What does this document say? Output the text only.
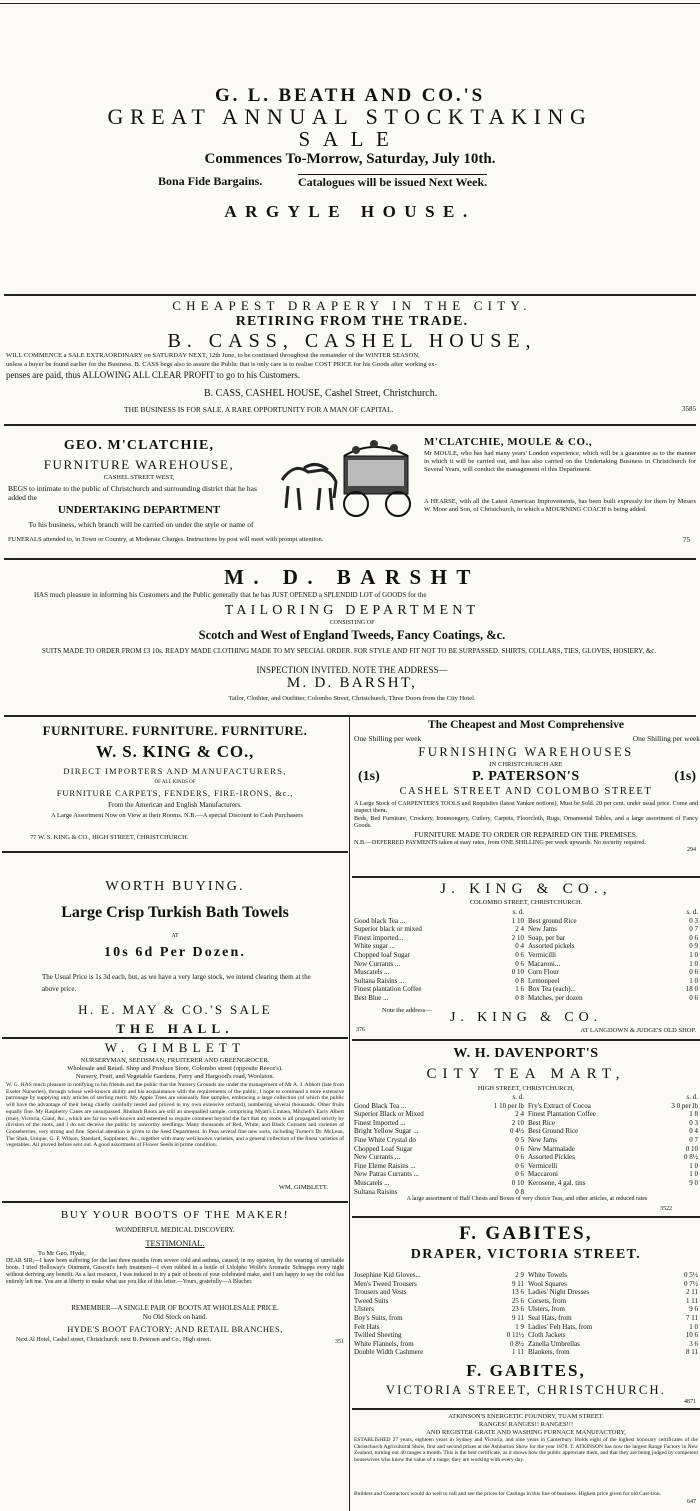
G. L. BEATH AND CO.'S
GREAT ANNUAL STOCKTAKING
SALE
Commences To-Morrow, Saturday, July 10th.
Bona Fide Bargains.	Catalogues will be issued Next Week.
ARGYLE HOUSE.
CHEAPEST DRAPERY IN THE CITY.
RETIRING FROM THE TRADE.
B. CASS, CASHEL HOUSE,
WILL COMMENCE a SALE EXTRAORDINARY on SATURDAY NEXT, 12th June, to be continued throughout the remainder of the WINTER SEASON,
unless a buyer be found earlier for the Business. B. CASS begs also to assure the Public that is only care is to realise COST PRICE for his Goods after working ex-
penses are paid, thus ALLOWING ALL CLEAR PROFIT to go to his Customers.
B. CASS, CASHEL HOUSE, Cashel Street, Christchurch.
THE BUSINESS IS FOR SALE. A RARE OPPORTUNITY FOR A MAN OF CAPITAL.	3585
GEO. M'CLATCHIE,
FURNITURE WAREHOUSE,
CASHEL STREET WEST,
BEGS to intimate to the public of Christchurch and surrounding district that he has added the
UNDERTAKING DEPARTMENT
To his business, which branch will be carried on under the style or name of
M'CLATCHIE, MOULE & CO.,
Mr MOULE, who has had many years' London experience, which will be a guarantee as to the manner in which it will be carried out, and has also carried on the Undertaking Business in Christchurch for Several Years, will conduct the management of this Department.
A HEARSE, with all the Latest American Improvements, has been built expressly for them by Messrs W. Moor and Son, of Christchurch, to which a MOURNING COACH is being added.
FUNERALS attended to, in Town or Country, at Moderate Charges. Instructions by post will meet with prompt attention.	75
M. D. BARSHT
HAS much pleasure in informing his Customers and the Public generally that he has JUST OPENED a SPLENDID LOT of GOODS for the
TAILORING DEPARTMENT
CONSISTING OF
Scotch and West of England Tweeds, Fancy Coatings, &c.
SUITS MADE TO ORDER FROM £3 10s. READY MADE CLOTHING MADE TO MY SPECIAL ORDER. FOR STYLE AND FIT NOT TO BE SURPASSED. SHIRTS, COLLARS, TIES, GLOVES, HOSIERY, &c.
INSPECTION INVITED. NOTE THE ADDRESS—
M. D. BARSHT,
Tailor, Clothier, and Outfitter, Colombo Street, Christchurch, Three Doors from the City Hotel.
FURNITURE. FURNITURE. FURNITURE.
W. S. KING & CO.,
DIRECT IMPORTERS AND MANUFACTURERS,
OF ALL KINDS OF
FURNITURE CARPETS, FENDERS, FIRE-IRONS, &c.,
From the American and English Manufacturers.
A Large Assortment Now on View at their Rooms. N.B.—A special Discount to Cash Purchasers
77 W. S. KING & CO., HIGH STREET, CHRISTCHURCH.
WORTH BUYING.
Large Crisp Turkish Bath Towels
AT
10s 6d Per Dozen.
The Usual Price is 1s 3d each, but, as we have a very large stock, we intend clearing them at the above price.
H. E. MAY & CO.'S SALE
THE HALL.
W. GIMBLETT
NURSERYMAN, SEEDSMAN, FRUITERER AND GREENGROCER.
Wholesale and Retail. Shop and Produce Store, Colombo street (opposite Reece's).
Nursery, Fruit, and Vegetable Gardens, Ferry and Hargood's road, Woolston.
W. G. HAS much pleasure in notifying to his friends and the public that the Nursery Grounds are under the management of Mr A. J. Abbott (late from Exeter Nurseries), through whose well-known ability and his acquaintance with the requirements of the public, I hope to command a more extensive patronage by supplying only articles of sterling merit. My Apple Trees are unusually fine samples, embracing a large collection (of which the public will have the advantage of their being chiefly carefully tested and proved in my own extensive orchard), numbering several thousands. Other fruits equally fine. My Raspberry Canes are unsurpassed. Rhubarb Roots are still an unequalled sample, comprising Myatt's Linnæa, Mitchell's Early Albert (true), Victoria, Giant, &c., which are far too well-known and esteemed to require comment beyond the fact that my stock is all propagated strictly by division of the roots, and I do not deceive the public by unworthy seedlings. Many thousands of Red, White, and Black Currants and varieties of Gooseberries, very strong and fine. Special attention is given to the Seed Department. In Peas several fine new sorts, including Turner's Dr. McLean, The Shah, Unique, G. F. Wilson, Standard, Supplanter, &c., together with many well known varieties, and a general collection of the finest varieties of vegetables. All proved before sent out. A good assortment of Flower Seeds in prime condition.
WM. GIMBLETT.
BUY YOUR BOOTS OF THE MAKER!
WONDERFUL MEDICAL DISCOVERY.
TESTIMONIAL.
To Mr Geo. Hyde,
DEAR SIR,—I have been suffering for the last three months from severe cold and asthma, caused, in my opinion, by the wearing of unreliable boots. I tried Holloway's Ointment, Guscott's herb treatment—I even rubbed in a bottle of Udolpho Wolfe's Aromatic Schnapps every night without deriving any benefit. As a last resource, I was induced to try a pair of boots of your celebrated make, and I am happy to say the cold has entirely left me. You are at liberty to make what use you like of this letter.—Yours, gratefully—A Blucher.
REMEMBER—A SINGLE PAIR OF BOOTS AT WHOLESALE PRICE.
No Old Stock on hand.
HYDE'S BOOT FACTORY: AND RETAIL BRANCHES,
Next Al Hotel, Cashel street, Christchurch; next B. Petersen and Co., High street.	351
The Cheapest and Most Comprehensive
One Shilling per week	One Shilling per week
FURNISHING WAREHOUSES
IN CHRISTCHURCH ARE
(1s)	P. PATERSON'S	(1s)
CASHEL STREET AND COLOMBO STREET
A Large Stock of CARPENTER'S TOOLS and Requisites (latest Yankee notions), Must be Sold. 20 per cent. under usual price. Come and inspect them.
Beds, Bed Furniture, Crockery, Ironmongery, Cutlery, Carpets, Floorcloth, Rugs, Ornamental Tables, and a large assortment of Fancy Goods.
FURNITURE MADE TO ORDER OR REPAIRED ON THE PREMISES.
N.B.—DEFERRED PAYMENTS taken at easy rates, from ONE SHILLING per week upwards. No security required.
294
J. KING & CO.,
COLOMBO STREET, CHRISTCHURCH.
s. d.
Good black Tea ...	1 10
Superior black or mixed	2 4
Finest imported...	2 10
White sugar ...	0 4
Chopped loaf Sugar	0 6
New Currants ...	0 6
Muscatels ...	0 10
Sultana Raisins ...	0 8
Finest plantation Coffee	1 6
Best Blue ...	0 8
s. d.
Best ground Rice	0 3
New Jams	0 7
Soap, per bar	0 6
Assorted pickels	0 9
Vermicilli	1 0
Macaroni...	1 0
Corn Flour	0 6
Lemonpeel	1 0
Box Tea (each)...	18 0
Matches, per dozen	0 6
Note the address—	J. KING & CO.
AT LANGDOWN & JUDGE'S OLD SHOP.
376
W. H. DAVENPORT'S
CITY TEA MART,
HIGH STREET, CHRISTCHURCH,
s. d.
Good Black Tea ...	1 10 per lb
Superior Black or Mixed	2 4
Finest Imported ...	2 10
Bright Yellow Sugar ...	0 4½
Fine White Crystal do	0 5
Chopped Loaf Sugar	0 6
New Currants ...	0 6
Fine Eleme Raisins ...	0 6
New Patras Currants ...	0 6
Muscatels ...	0 10
Sultana Raisins	0 8
s. d.
Fry's Extract of Cocoa	3 0 per lb
Finest Plantation Coffee	1 8
Best Rice	0 3
Best Ground Rice	0 4
New Jams	0 7
New Marmalade	0 10
Assorted Pickles	0 8½
Vermicelli	1 0
Maccaroni	1 0
Kerosene, 4 gal. tins	9 0
A large assortment of Half Chests and Boxes of very choice Teas, and other articles, at reduced rates
3522
F. GABITES,
DRAPER, VICTORIA STREET.
Josephine Kid Gloves...	2 9
Men's Tweed Trousers	9 11
Trousers and Vests	13 6
Tweed Suits	25 6
Ulsters	23 6
Boy's Suits, from	9 11
Felt Hats	1 9
Twilled Sheeting	0 11½
White Flannels, from	0 8½
Double Width Cashmere	1 11
White Towels	0 5½
Wool Squares	0 7½
Ladies' Night Dresses	2 11
Corsets, from	1 11
Ulsters, from	9 6
Seal Hats, from	7 11
Ladies' Felt Hats, from	1 0
Cloth Jackets	10 6
Zanella Umbrellas	3 6
Blankets, from	8 11
F. GABITES,
VICTORIA STREET, CHRISTCHURCH.
4871
ATKINSON'S ENERGETIC FOUNDRY, TUAM STREET.
RANGES! RANGES!! RANGES!!!
AND REGISTER GRATE AND WASHING FURNACE MANUFACTORY,
ESTABLISHED 27 years, eighteen years in Sydney and Victoria, and nine years in Canterbury. Holds eight of the highest honorary certificates of the Christchurch Agricultural Show, first and second prizes at the Ashburton Show for the year 1878. T. ATKINSON has now the largest Range Factory in New Zealand, turning out 40 ranges a month. This is the best certificate, as it shows how the public appreciate them, and that they are being judged by competent housewives who know the value of a range; they are working with every day.
Builders and Contractors would do well to call and see the prices for Castings in this line of business. Highest price given for old Cast-iron.
647
